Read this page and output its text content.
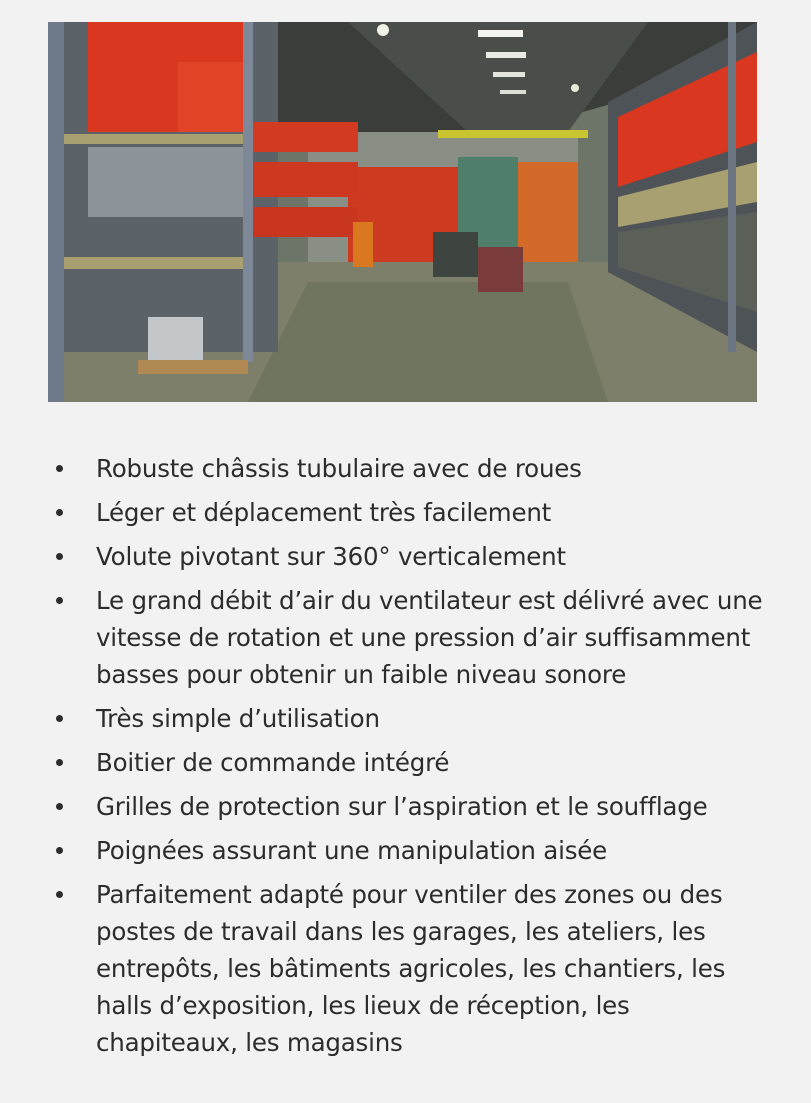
Robuste châssis tubulaire avec de roues
Léger et déplacement très facilement
Volute pivotant sur 360° verticalement
Le grand débit d’air du ventilateur est délivré avec une vitesse de rotation et une pression d’air suffisamment basses pour obtenir un faible niveau sonore
Très simple d’utilisation
Boitier de commande intégré
Grilles de protection sur l’aspiration et le soufflage
Poignées assurant une manipulation aisée
Parfaitement adapté pour ventiler des zones ou des postes de travail dans les garages, les ateliers, les entrepôts, les bâtiments agricoles, les chantiers, les halls d’exposition, les lieux de réception, les chapiteaux, les magasins
